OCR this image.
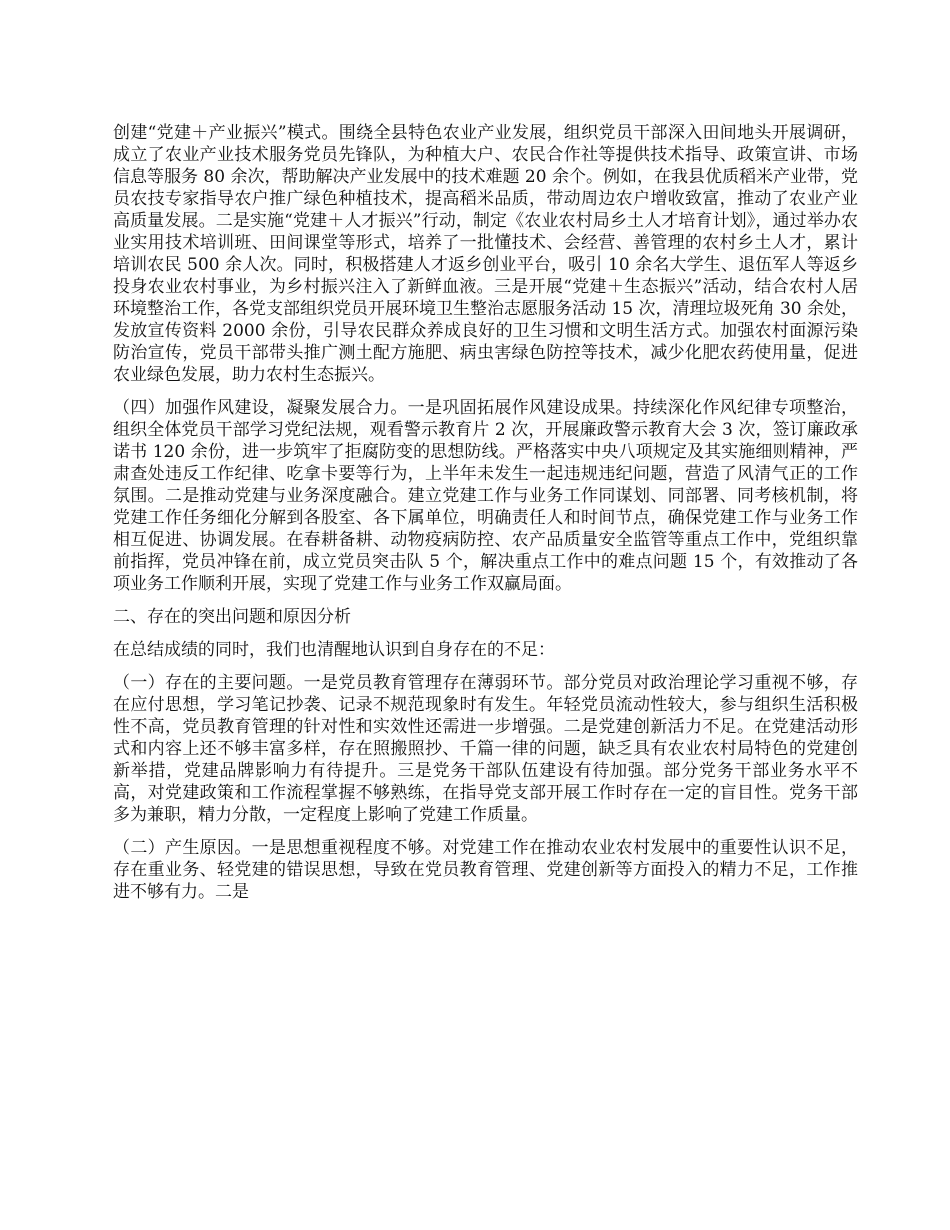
创建“党建＋产业振兴”模式。围绕全县特色农业产业发展，组织党员干部深入田间地头开展调研，成立了农业产业技术服务党员先锋队，为种植大户、农民合作社等提供技术指导、政策宣讲、市场信息等服务 80 余次，帮助解决产业发展中的技术难题 20 余个。例如，在我县优质稻米产业带，党员农技专家指导农户推广绿色种植技术，提高稻米品质，带动周边农户增收致富，推动了农业产业高质量发展。二是实施“党建＋人才振兴”行动，制定《农业农村局乡土人才培育计划》，通过举办农业实用技术培训班、田间课堂等形式，培养了一批懂技术、会经营、善管理的农村乡土人才，累计培训农民 500 余人次。同时，积极搭建人才返乡创业平台，吸引 10 余名大学生、退伍军人等返乡投身农业农村事业，为乡村振兴注入了新鲜血液。三是开展“党建＋生态振兴”活动，结合农村人居环境整治工作，各党支部组织党员开展环境卫生整治志愿服务活动 15 次，清理垃圾死角 30 余处，发放宣传资料 2000 余份，引导农民群众养成良好的卫生习惯和文明生活方式。加强农村面源污染防治宣传，党员干部带头推广测土配方施肥、病虫害绿色防控等技术，减少化肥农药使用量，促进农业绿色发展，助力农村生态振兴。

（四）加强作风建设，凝聚发展合力。一是巩固拓展作风建设成果。持续深化作风纪律专项整治，组织全体党员干部学习党纪法规，观看警示教育片 2 次，开展廉政警示教育大会 3 次，签订廉政承诺书 120 余份，进一步筑牢了拒腐防变的思想防线。严格落实中央八项规定及其实施细则精神，严肃查处违反工作纪律、吃拿卡要等行为，上半年未发生一起违规违纪问题，营造了风清气正的工作氛围。二是推动党建与业务深度融合。建立党建工作与业务工作同谋划、同部署、同考核机制，将党建工作任务细化分解到各股室、各下属单位，明确责任人和时间节点，确保党建工作与业务工作相互促进、协调发展。在春耕备耕、动物疫病防控、农产品质量安全监管等重点工作中，党组织靠前指挥，党员冲锋在前，成立党员突击队 5 个，解决重点工作中的难点问题 15 个，有效推动了各项业务工作顺利开展，实现了党建工作与业务工作双赢局面。

二、存在的突出问题和原因分析

在总结成绩的同时，我们也清醒地认识到自身存在的不足：

（一）存在的主要问题。一是党员教育管理存在薄弱环节。部分党员对政治理论学习重视不够，存在应付思想，学习笔记抄袭、记录不规范现象时有发生。年轻党员流动性较大，参与组织生活积极性不高，党员教育管理的针对性和实效性还需进一步增强。二是党建创新活力不足。在党建活动形式和内容上还不够丰富多样，存在照搬照抄、千篇一律的问题，缺乏具有农业农村局特色的党建创新举措，党建品牌影响力有待提升。三是党务干部队伍建设有待加强。部分党务干部业务水平不高，对党建政策和工作流程掌握不够熟练，在指导党支部开展工作时存在一定的盲目性。党务干部多为兼职，精力分散，一定程度上影响了党建工作质量。

（二）产生原因。一是思想重视程度不够。对党建工作在推动农业农村发展中的重要性认识不足，存在重业务、轻党建的错误思想，导致在党员教育管理、党建创新等方面投入的精力不足，工作推进不够有力。二是
